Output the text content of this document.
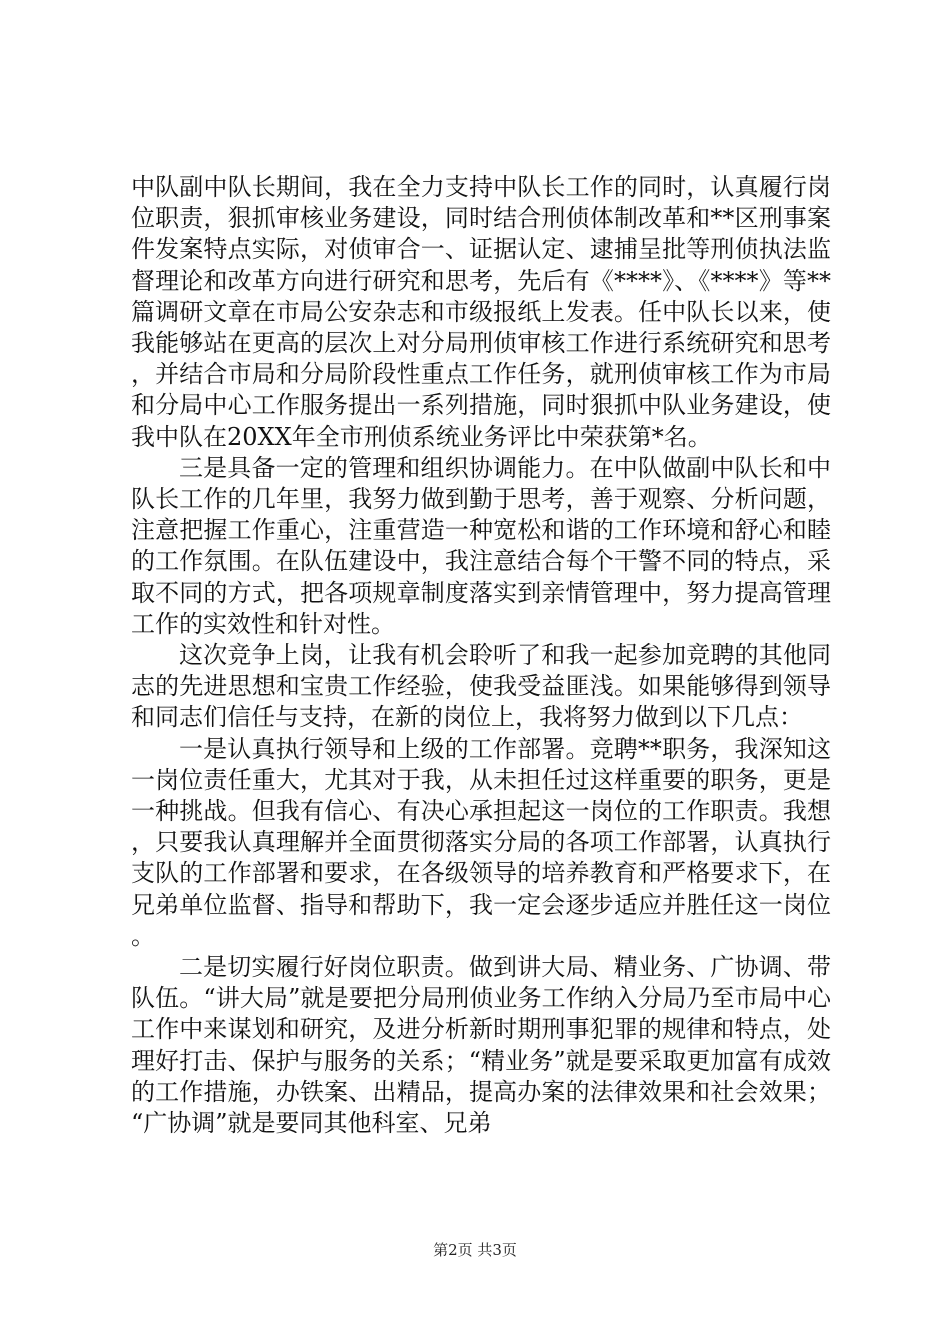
中队副中队长期间，我在全力支持中队长工作的同时，认真履行岗位职责，狠抓审核业务建设，同时结合刑侦体制改革和**区刑事案件发案特点实际，对侦审合一、证据认定、逮捕呈批等刑侦执法监督理论和改革方向进行研究和思考，先后有《****》、《****》等**篇调研文章在市局公安杂志和市级报纸上发表。任中队长以来，使我能够站在更高的层次上对分局刑侦审核工作进行系统研究和思考，并结合市局和分局阶段性重点工作任务，就刑侦审核工作为市局和分局中心工作服务提出一系列措施，同时狠抓中队业务建设，使我中队在20XX年全市刑侦系统业务评比中荣获第*名。

三是具备一定的管理和组织协调能力。在中队做副中队长和中队长工作的几年里，我努力做到勤于思考，善于观察、分析问题，注意把握工作重心，注重营造一种宽松和谐的工作环境和舒心和睦的工作氛围。在队伍建设中，我注意结合每个干警不同的特点，采取不同的方式，把各项规章制度落实到亲情管理中，努力提高管理工作的实效性和针对性。

这次竞争上岗，让我有机会聆听了和我一起参加竞聘的其他同志的先进思想和宝贵工作经验，使我受益匪浅。如果能够得到领导和同志们信任与支持，在新的岗位上，我将努力做到以下几点：

一是认真执行领导和上级的工作部署。竞聘**职务，我深知这一岗位责任重大，尤其对于我，从未担任过这样重要的职务，更是一种挑战。但我有信心、有决心承担起这一岗位的工作职责。我想，只要我认真理解并全面贯彻落实分局的各项工作部署，认真执行支队的工作部署和要求，在各级领导的培养教育和严格要求下，在兄弟单位监督、指导和帮助下，我一定会逐步适应并胜任这一岗位。

二是切实履行好岗位职责。做到讲大局、精业务、广协调、带队伍。“讲大局”就是要把分局刑侦业务工作纳入分局乃至市局中心工作中来谋划和研究，及进分析新时期刑事犯罪的规律和特点，处理好打击、保护与服务的关系；“精业务”就是要采取更加富有成效的工作措施，办铁案、出精品，提高办案的法律效果和社会效果；“广协调”就是要同其他科室、兄弟

第2页 共3页
